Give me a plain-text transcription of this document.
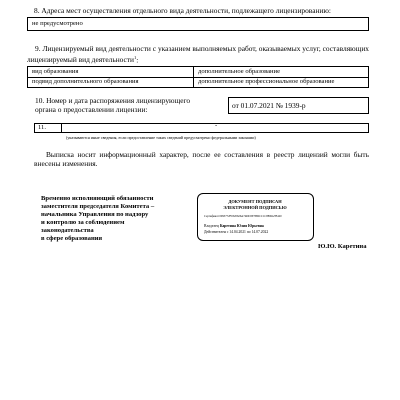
8. Адреса мест осуществления отдельного вида деятельности, подлежащего лицензированию:
не предусмотрено
9. Лицензируемый вид деятельности с указанием выполняемых работ, оказываемых услуг, составляющих лицензируемый вид деятельности$^1$:
вид образования	дополнительное образование
подвид дополнительного образования	дополнительное профессиональное образование
10. Номер и дата распоряжения лицензирующего
органа о предоставлении лицензии:	от 01.07.2021 № 1939-р
11.	-
(указываются иные сведения, если предоставление таких сведений предусмотрено федеральными законами)
Выписка носит информационный характер, после ее составления в реестр лицензий могли быть внесены изменения.
Временно исполняющий обязанности
заместителя председателя Комитета –
начальника Управления по надзору
и контролю за соблюдением
законодательства
в сфере образования
ДОКУМЕНТ ПОДПИСАН
ЭЛЕКТРОННОЙ ПОДПИСЬЮ
Сертификат 0093772F0320626A74DD3E7BDCC1C8BDA7B420
Владелец Каретина Юлия Юрьевна
Действителен с 14.04.2021 по 14.07.2022
Ю.Ю. Каретина
